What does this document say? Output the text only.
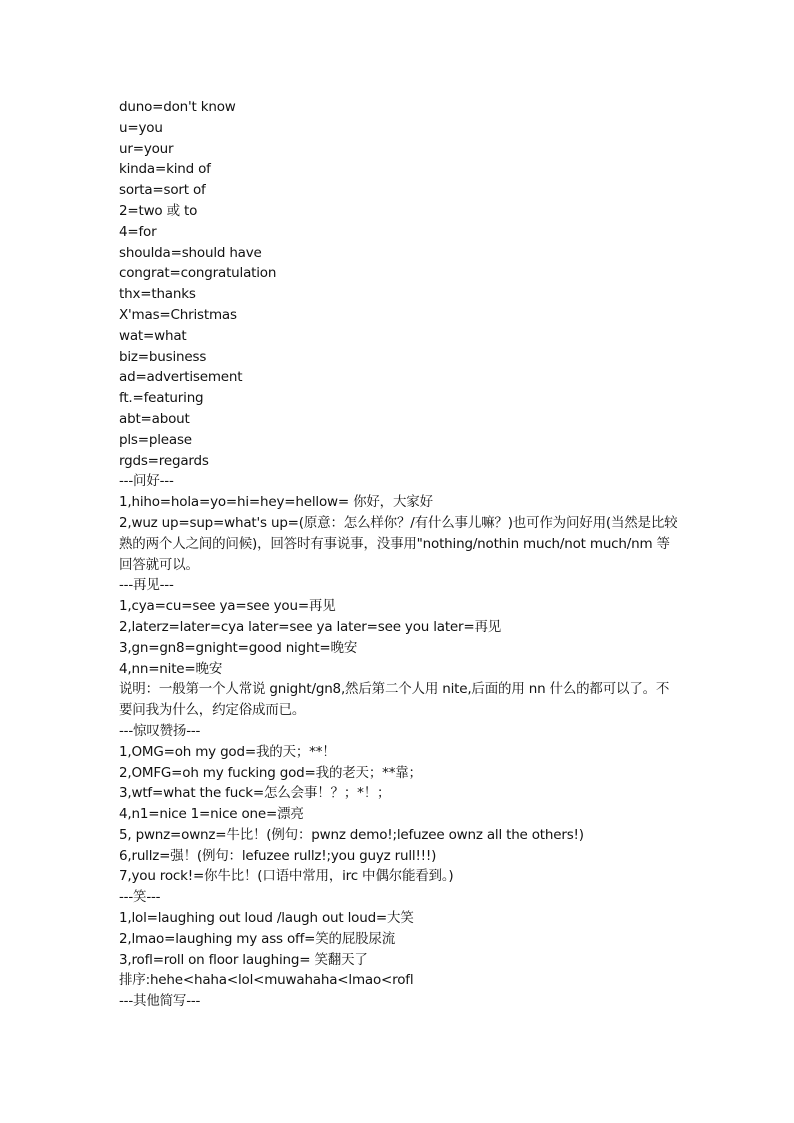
duno=don't know
u=you
ur=your
kinda=kind of
sorta=sort of
2=two 或 to
4=for
shoulda=should have
congrat=congratulation
thx=thanks
X'mas=Christmas
wat=what
biz=business
ad=advertisement
ft.=featuring
abt=about
pls=please
rgds=regards
---问好---
1,hiho=hola=yo=hi=hey=hellow= 你好，大家好
2,wuz up=sup=what's up=(原意：怎么样你？/有什么事儿嘛？)也可作为问好用(当然是比较熟的两个人之间的问候)，回答时有事说事，没事用"nothing/nothin much/not much/nm 等回答就可以。
---再见---
1,cya=cu=see ya=see you=再见
2,laterz=later=cya later=see ya later=see you later=再见
3,gn=gn8=gnight=good night=晚安
4,nn=nite=晚安
说明：一般第一个人常说 gnight/gn8,然后第二个人用 nite,后面的用 nn 什么的都可以了。不要问我为什么，约定俗成而已。
---惊叹赞扬---
1,OMG=oh my god=我的天；**！
2,OMFG=oh my fucking god=我的老天；**靠；
3,wtf=what the fuck=怎么会事！？；*！；
4,n1=nice 1=nice one=漂亮
5, pwnz=ownz=牛比！(例句：pwnz demo!;lefuzee ownz all the others!)
6,rullz=强！(例句：lefuzee rullz!;you guyz rull!!!)
7,you rock!=你牛比！(口语中常用，irc 中偶尔能看到。)
---笑---
1,lol=laughing out loud /laugh out loud=大笑
2,lmao=laughing my ass off=笑的屁股尿流
3,rofl=roll on floor laughing= 笑翻天了
排序:hehe<haha<lol<muwahaha<lmao<rofl
---其他简写---
